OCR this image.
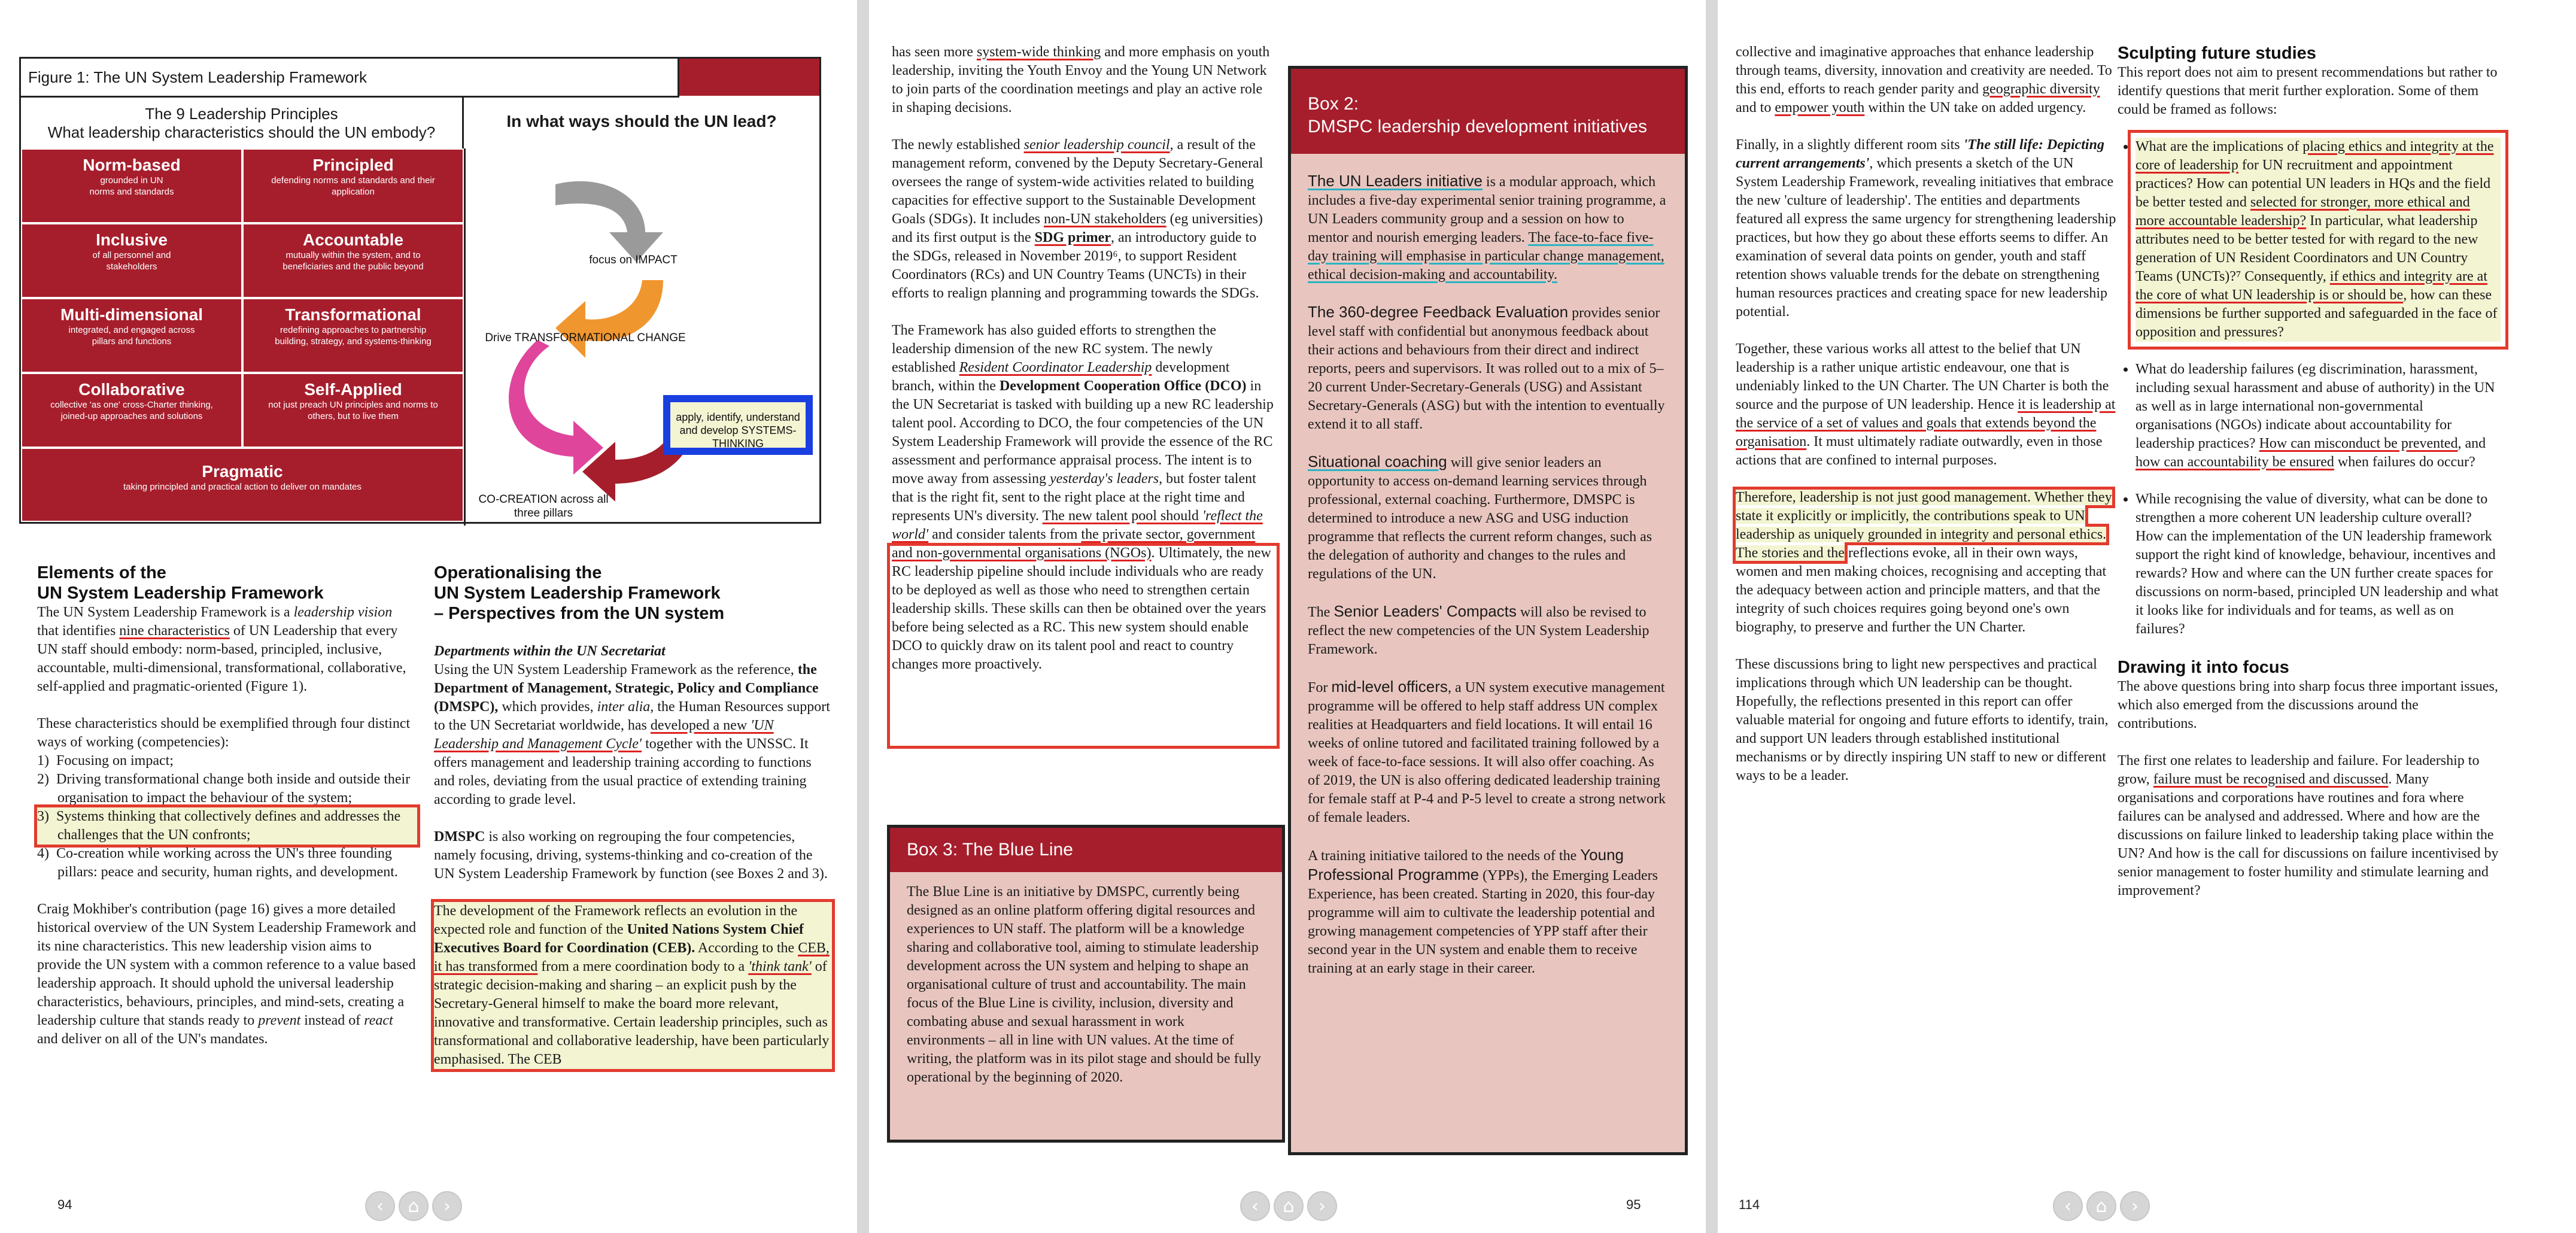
Figure 1: The UN System Leadership Framework
The 9 Leadership Principles
What leadership characteristics should the UN embody?
In what ways should the UN lead?
Norm-based
grounded in UN norms and standards
Principled
defending norms and standards and their application
Inclusive
of all personnel and stakeholders
Accountable
mutually within the system, and to beneficiaries and the public beyond
Multi-dimensional
integrated, and engaged across pillars and functions
Transformational
redefining approaches to partnership building, strategy, and systems-thinking
Collaborative
collective 'as one' cross-Charter thinking, joined-up approaches and solutions
Self-Applied
not just preach UN principles and norms to others, but to live them
Pragmatic
taking principled and practical action to deliver on mandates
focus on IMPACT
Drive TRANSFORMATIONAL CHANGE
apply, identify, understand and develop SYSTEMS-THINKING
CO-CREATION across all three pillars
Elements of the
UN System Leadership Framework

The UN System Leadership Framework is a leadership vision that identifies nine characteristics of UN Leadership that every UN staff should embody: norm-based, principled, inclusive, accountable, multi-dimensional, transformational, collaborative, self-applied and pragmatic-oriented (Figure 1).

These characteristics should be exemplified through four distinct ways of working (competencies):

1)  Focusing on impact;
2)  Driving transformational change both inside and outside their organisation to impact the behaviour of the system;
3)  Systems thinking that collectively defines and addresses the challenges that the UN confronts;
4)  Co-creation while working across the UN's three founding pillars: peace and security, human rights, and development.

Craig Mokhiber's contribution (page 16) gives a more detailed historical overview of the UN System Leadership Framework and its nine characteristics. This new leadership vision aims to provide the UN system with a common reference to a value based leadership approach. It should uphold the universal leadership characteristics, behaviours, principles, and mind-sets, creating a leadership culture that stands ready to prevent instead of react and deliver on all of the UN's mandates.

Operationalising the
UN System Leadership Framework
– Perspectives from the UN system
Departments within the UN Secretariat

Using the UN System Leadership Framework as the reference, the Department of Management, Strategic, Policy and Compliance (DMSPC), which provides, inter alia, the Human Resources support to the UN Secretariat worldwide, has developed a new 'UN Leadership and Management Cycle' together with the UNSSC. It offers management and leadership training according to functions and roles, deviating from the usual practice of extending training according to grade level.

DMSPC is also working on regrouping the four competencies, namely focusing, driving, systems-thinking and co-creation of the UN System Leadership Framework by function (see Boxes 2 and 3).

The development of the Framework reflects an evolution in the expected role and function of the United Nations System Chief Executives Board for Coordination (CEB). According to the CEB, it has transformed from a mere coordination body to a 'think tank' of strategic decision-making and sharing – an explicit push by the Secretary-General himself to make the board more relevant, innovative and transformative. Certain leadership principles, such as transformational and collaborative leadership, have been particularly emphasised. The CEB

94	‹	⌂	›

has seen more system-wide thinking and more emphasis on youth leadership, inviting the Youth Envoy and the Young UN Network to join parts of the coordination meetings and play an active role in shaping decisions.

The newly established senior leadership council, a result of the management reform, convened by the Deputy Secretary-General oversees the range of system-wide activities related to building capacities for effective support to the Sustainable Development Goals (SDGs). It includes non-UN stakeholders (eg universities) and its first output is the SDG primer, an introductory guide to the SDGs, released in November 2019⁶, to support Resident Coordinators (RCs) and UN Country Teams (UNCTs) in their efforts to realign planning and programming towards the SDGs.

The Framework has also guided efforts to strengthen the leadership dimension of the new RC system. The newly established Resident Coordinator Leadership development branch, within the Development Cooperation Office (DCO) in the UN Secretariat is tasked with building up a new RC leadership talent pool. According to DCO, the four competencies of the UN System Leadership Framework will provide the essence of the RC assessment and performance appraisal process. The intent is to move away from assessing yesterday's leaders, but foster talent that is the right fit, sent to the right place at the right time and represents UN's diversity. The new talent pool should 'reflect the world' and consider talents from the private sector, government and non-governmental organisations (NGOs). Ultimately, the new RC leadership pipeline should include individuals who are ready to be deployed as well as those who need to strengthen certain leadership skills. These skills can then be obtained over the years before being selected as a RC. This new system should enable DCO to quickly draw on its talent pool and react to country changes more proactively.

Box 3: The Blue Line
The Blue Line is an initiative by DMSPC, currently being designed as an online platform offering digital resources and experiences to UN staff. The platform will be a knowledge sharing and collaborative tool, aiming to stimulate leadership development across the UN system and helping to shape an organisational culture of trust and accountability. The main focus of the Blue Line is civility, inclusion, diversity and combating abuse and sexual harassment in work environments – all in line with UN values. At the time of writing, the platform was in its pilot stage and should be fully operational by the beginning of 2020.
Box 2:
DMSPC leadership development initiatives

The UN Leaders initiative is a modular approach, which includes a five-day experimental senior training programme, a UN Leaders community group and a session on how to mentor and nourish emerging leaders. The face-to-face five-day training will emphasise in particular change management, ethical decision-making and accountability.

The 360-degree Feedback Evaluation provides senior level staff with confidential but anonymous feedback about their actions and behaviours from their direct and indirect reports, peers and supervisors. It was rolled out to a mix of 5–20 current Under-Secretary-Generals (USG) and Assistant Secretary-Generals (ASG) but with the intention to eventually extend it to all staff.

Situational coaching will give senior leaders an opportunity to access on-demand learning services through professional, external coaching. Furthermore, DMSPC is determined to introduce a new ASG and USG induction programme that reflects the current reform changes, such as the delegation of authority and changes to the rules and regulations of the UN.

The Senior Leaders' Compacts will also be revised to reflect the new competencies of the UN System Leadership Framework.

For mid-level officers, a UN system executive management programme will be offered to help staff address UN complex realities at Headquarters and field locations. It will entail 16 weeks of online tutored and facilitated training followed by a week of face-to-face sessions. It will also offer coaching. As of 2019, the UN is also offering dedicated leadership training for female staff at P-4 and P-5 level to create a strong network of female leaders.

A training initiative tailored to the needs of the Young Professional Programme (YPPs), the Emerging Leaders Experience, has been created. Starting in 2020, this four-day programme will aim to cultivate the leadership potential and growing management competencies of YPP staff after their second year in the UN system and enable them to receive training at an early stage in their career.

‹	⌂	›	95

collective and imaginative approaches that enhance leadership through teams, diversity, innovation and creativity are needed. To this end, efforts to reach gender parity and geographic diversity and to empower youth within the UN take on added urgency.

Finally, in a slightly different room sits 'The still life: Depicting current arrangements', which presents a sketch of the UN System Leadership Framework, revealing initiatives that embrace the new 'culture of leadership'. The entities and departments featured all express the same urgency for strengthening leadership practices, but how they go about these efforts seems to differ. An examination of several data points on gender, youth and staff retention shows valuable trends for the debate on strengthening human resources practices and creating space for new leadership potential.

Together, these various works all attest to the belief that UN leadership is a rather unique artistic endeavour, one that is undeniably linked to the UN Charter. The UN Charter is both the source and the purpose of UN leadership. Hence it is leadership at the service of a set of values and goals that extends beyond the organisation. It must ultimately radiate outwardly, even in those actions that are confined to internal purposes.

Therefore, leadership is not just good management. Whether they state it explicitly or implicitly, the contributions speak to UN leadership as uniquely grounded in integrity and personal ethics. The stories and the reflections evoke, all in their own ways, women and men making choices, recognising and accepting that the adequacy between action and principle matters, and that the integrity of such choices requires going beyond one's own biography, to preserve and further the UN Charter.

These discussions bring to light new perspectives and practical implications through which UN leadership can be thought. Hopefully, the reflections presented in this report can offer valuable material for ongoing and future efforts to identify, train, and support UN leaders through established institutional mechanisms or by directly inspiring UN staff to new or different ways to be a leader.

Sculpting future studies

This report does not aim to present recommendations but rather to identify questions that merit further exploration. Some of them could be framed as follows:

• What are the implications of placing ethics and integrity at the core of leadership for UN recruitment and appointment practices? How can potential UN leaders in HQs and the field be better tested and selected for stronger, more ethical and more accountable leadership? In particular, what leadership attributes need to be better tested for with regard to the new generation of UN Resident Coordinators and UN Country Teams (UNCTs)?⁷ Consequently, if ethics and integrity are at the core of what UN leadership is or should be, how can these dimensions be further supported and safeguarded in the face of opposition and pressures?
• What do leadership failures (eg discrimination, harassment, including sexual harassment and abuse of authority) in the UN as well as in large international non-governmental organisations (NGOs) indicate about accountability for leadership practices? How can misconduct be prevented, and how can accountability be ensured when failures do occur?
• While recognising the value of diversity, what can be done to strengthen a more coherent UN leadership culture overall? How can the implementation of the UN leadership framework support the right kind of knowledge, behaviour, incentives and rewards? How and where can the UN further create spaces for discussions on norm-based, principled UN leadership and what it looks like for individuals and for teams, as well as on failures?
Drawing it into focus

The above questions bring into sharp focus three important issues, which also emerged from the discussions around the contributions.

The first one relates to leadership and failure. For leadership to grow, failure must be recognised and discussed. Many organisations and corporations have routines and fora where failures can be analysed and addressed. Where and how are the discussions on failure linked to leadership taking place within the UN? And how is the call for discussions on failure incentivised by senior management to foster humility and stimulate learning and improvement?

114	‹	⌂	›
